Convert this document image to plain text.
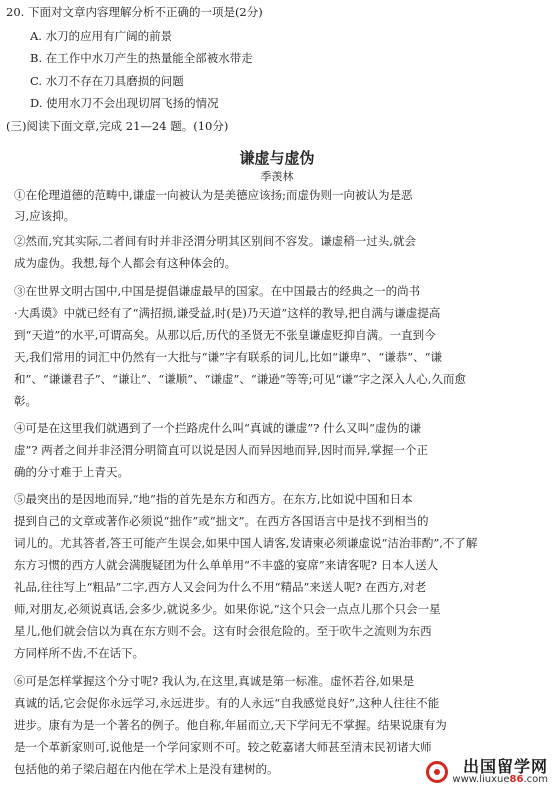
20. 下面对文章内容理解分析不正确的一项是(2分)
A. 水刀的应用有广阔的前景
B. 在工作中水刀产生的热量能全部被水带走
C. 水刀不存在刀具磨损的问题
D. 使用水刀不会出现切屑飞扬的情况
(三)阅读下面文章,完成 21—24 题。(10分)
谦虚与虚伪
季羡林
①在伦理道德的范畴中,谦虚一向被认为是美德应该扬;而虚伪则一向被认为是恶
习,应该抑。
②然而,究其实际,二者间有时并非泾渭分明其区别间不容发。谦虚稍一过头,就会
成为虚伪。我想,每个人都会有这种体会的。
③在世界文明古国中,中国是提倡谦虚最早的国家。在中国最古的经典之一的尚书
·大禹谟》中就已经有了“满招损,谦受益,时(是)乃天道”这样的教导,把自满与谦虚提高
到“天道”的水平,可谓高矣。从那以后,历代的圣贤无不张皇谦虚贬抑自满。一直到今
天,我们常用的词汇中仍然有一大批与“谦”字有联系的词儿,比如“谦卑”、“谦恭”、“谦
和”、“谦谦君子”、“谦让”、“谦顺”、“谦虚”、“谦逊”等等;可见“谦”字之深入人心,久而愈
彰。
④可是在这里我们就遇到了一个拦路虎什么叫“真诚的谦虚”? 什么又叫“虚伪的谦
虚”? 两者之间并非泾渭分明简直可以说是因人而异因地而异,因时而异,掌握一个正
确的分寸难于上青天。
⑤最突出的是因地而异,“地”指的首先是东方和西方。在东方,比如说中国和日本
提到自己的文章或著作必须说“拙作”或“拙文”。在西方各国语言中是找不到相当的
词儿的。尤其答者,答王可能产生误会,如果中国人请客,发请柬必须谦虚说“洁治菲酌”,不了解
东方习惯的西方人就会满腹疑团为什么单单用“不丰盛的宴席”来请客呢? 日本人送人
礼品,往往写上“粗品”二字,西方人又会问为什么不用“精品”来送人呢? 在西方,对老
师,对朋友,必须说真话,会多少,就说多少。如果你说,“这个只会一点点儿那个只会一星
星儿,他们就会信以为真在东方则不会。这有时会很危险的。至于吹牛之流则为东西
方同样所不齿,不在话下。
⑥可是怎样掌握这个分寸呢? 我认为,在这里,真诚是第一标准。虚怀若谷,如果是
真诚的话,它会促你永远学习,永远进步。有的人永远“自我感觉良好”,这种人往往不能
进步。康有为是一个著名的例子。他自称,年届而立,天下学问无不掌握。结果说康有为
是一个革新家则可,说他是一个学问家则不可。较之乾嘉诸大师甚至清末民初诸大师
包括他的弟子梁启超在内他在学术上是没有建树的。	出国留学网
www.liuxue86.com
